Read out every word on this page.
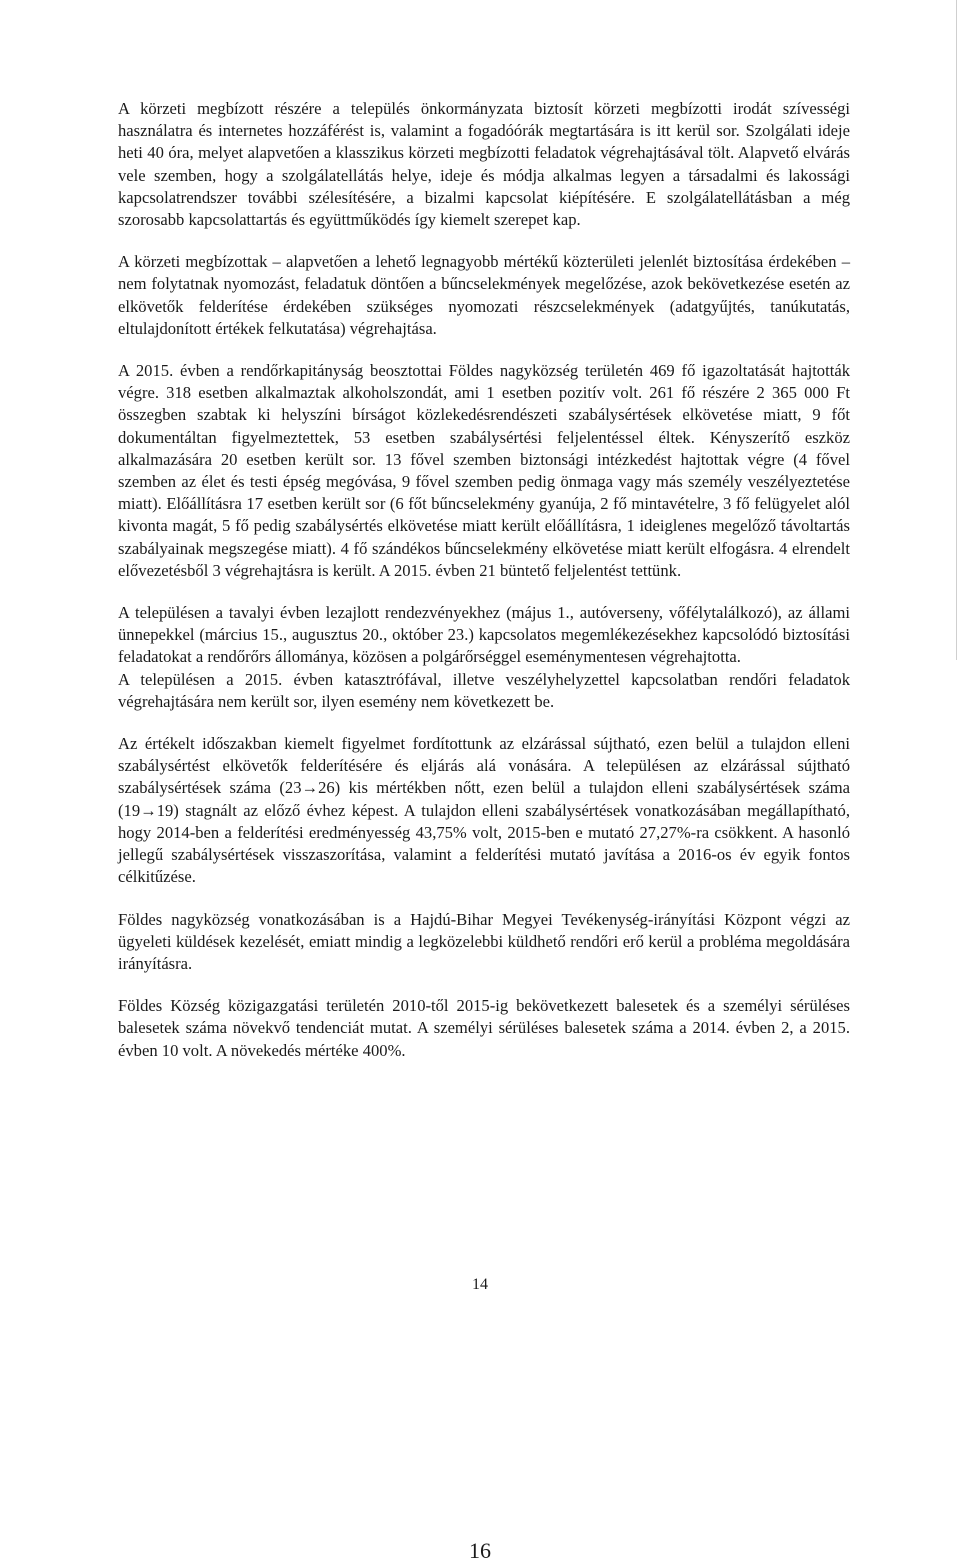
A körzeti megbízott részére a település önkormányzata biztosít körzeti megbízotti irodát szívességi használatra és internetes hozzáférést is, valamint a fogadóórák megtartására is itt kerül sor. Szolgálati ideje heti 40 óra, melyet alapvetően a klasszikus körzeti megbízotti feladatok végrehajtásával tölt. Alapvető elvárás vele szemben, hogy a szolgálatellátás helye, ideje és módja alkalmas legyen a társadalmi és lakossági kapcsolatrendszer további szélesítésére, a bizalmi kapcsolat kiépítésére. E szolgálatellátásban a még szorosabb kapcsolattartás és együttműködés így kiemelt szerepet kap.

A körzeti megbízottak – alapvetően a lehető legnagyobb mértékű közterületi jelenlét biztosítása érdekében – nem folytatnak nyomozást, feladatuk döntően a bűncselekmények megelőzése, azok bekövetkezése esetén az elkövetők felderítése érdekében szükséges nyomozati részcselekmények (adatgyűjtés, tanúkutatás, eltulajdonított értékek felkutatása) végrehajtása.

A 2015. évben a rendőrkapitányság beosztottai Földes nagyközség területén 469 fő igazoltatását hajtották végre. 318 esetben alkalmaztak alkoholszondát, ami 1 esetben pozitív volt. 261 fő részére 2 365 000 Ft összegben szabtak ki helyszíni bírságot közlekedésrendészeti szabálysértések elkövetése miatt, 9 főt dokumentáltan figyelmeztettek, 53 esetben szabálysértési feljelentéssel éltek. Kényszerítő eszköz alkalmazására 20 esetben került sor. 13 fővel szemben biztonsági intézkedést hajtottak végre (4 fővel szemben az élet és testi épség megóvása, 9 fővel szemben pedig önmaga vagy más személy veszélyeztetése miatt). Előállításra 17 esetben került sor (6 főt bűncselekmény gyanúja, 2 fő mintavételre, 3 fő felügyelet alól kivonta magát, 5 fő pedig szabálysértés elkövetése miatt került előállításra, 1 ideiglenes megelőző távoltartás szabályainak megszegése miatt). 4 fő szándékos bűncselekmény elkövetése miatt került elfogásra. 4 elrendelt elővezetésből 3 végrehajtásra is került. A 2015. évben 21 büntető feljelentést tettünk.

A településen a tavalyi évben lezajlott rendezvényekhez (május 1., autóverseny, vőfélytalálkozó), az állami ünnepekkel (március 15., augusztus 20., október 23.) kapcsolatos megemlékezésekhez kapcsolódó biztosítási feladatokat a rendőrőrs állománya, közösen a polgárőrséggel eseménymentesen végrehajtotta.

A településen a 2015. évben katasztrófával, illetve veszélyhelyzettel kapcsolatban rendőri feladatok végrehajtására nem került sor, ilyen esemény nem következett be.

Az értékelt időszakban kiemelt figyelmet fordítottunk az elzárással sújtható, ezen belül a tulajdon elleni szabálysértést elkövetők felderítésére és eljárás alá vonására. A településen az elzárással sújtható szabálysértések száma (23→26) kis mértékben nőtt, ezen belül a tulajdon elleni szabálysértések száma (19→19) stagnált az előző évhez képest. A tulajdon elleni szabálysértések vonatkozásában megállapítható, hogy 2014-ben a felderítési eredményesség 43,75% volt, 2015-ben e mutató 27,27%-ra csökkent. A hasonló jellegű szabálysértések visszaszorítása, valamint a felderítési mutató javítása a 2016-os év egyik fontos célkitűzése.

Földes nagyközség vonatkozásában is a Hajdú-Bihar Megyei Tevékenység-irányítási Központ végzi az ügyeleti küldések kezelését, emiatt mindig a legközelebbi küldhető rendőri erő kerül a probléma megoldására irányításra.

Földes Község közigazgatási területén 2010-től 2015-ig bekövetkezett balesetek és a személyi sérüléses balesetek száma növekvő tendenciát mutat. A személyi sérüléses balesetek száma a 2014. évben 2, a 2015. évben 10 volt. A növekedés mértéke 400%.

14

16
